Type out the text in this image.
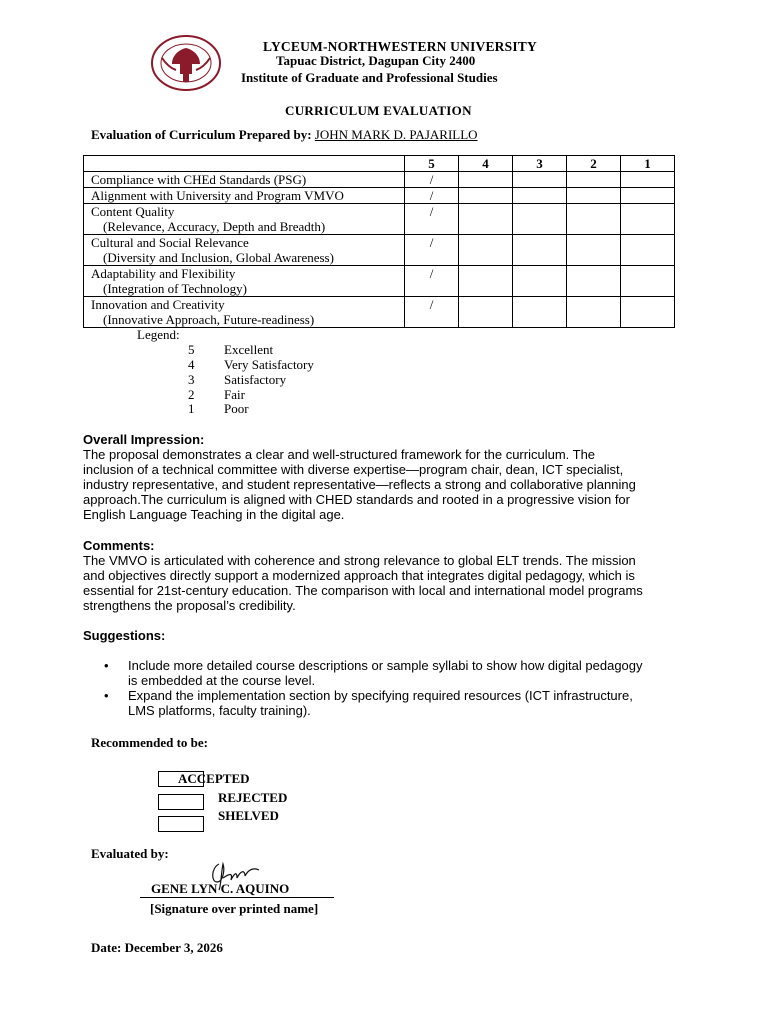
LYCEUM-NORTHWESTERN UNIVERSITY
Tapuac District, Dagupan City 2400
Institute of Graduate and Professional Studies
CURRICULUM EVALUATION
Evaluation of Curriculum Prepared by: JOHN MARK D. PAJARILLO
	5	4	3	2	1
Compliance with CHEd Standards (PSG)	/				
Alignment with University and Program VMVO	/				
Content Quality
(Relevance, Accuracy, Depth and Breadth)	/				
Cultural and Social Relevance
(Diversity and Inclusion, Global Awareness)	/				
Adaptability and Flexibility
(Integration of Technology)	/				
Innovation and Creativity
(Innovative Approach, Future-readiness)	/				
Legend:
5	Excellent
4	Very Satisfactory
3	Satisfactory
2	Fair
1	Poor
Overall Impression:
The proposal demonstrates a clear and well-structured framework for the curriculum. The
inclusion of a technical committee with diverse expertise—program chair, dean, ICT specialist,
industry representative, and student representative—reflects a strong and collaborative planning
approach.The curriculum is aligned with CHED standards and rooted in a progressive vision for
English Language Teaching in the digital age.
Comments:
The VMVO is articulated with coherence and strong relevance to global ELT trends. The mission
and objectives directly support a modernized approach that integrates digital pedagogy, which is
essential for 21st-century education. The comparison with local and international model programs
strengthens the proposal’s credibility.
Suggestions:
• Include more detailed course descriptions or sample syllabi to show how digital pedagogy
is embedded at the course level.
• Expand the implementation section by specifying required resources (ICT infrastructure,
LMS platforms, faculty training).
Recommended to be:
ACCEPTED
REJECTED
SHELVED
Evaluated by:
GENE LYN C. AQUINO
[Signature over printed name]
Date: December 3, 2026
